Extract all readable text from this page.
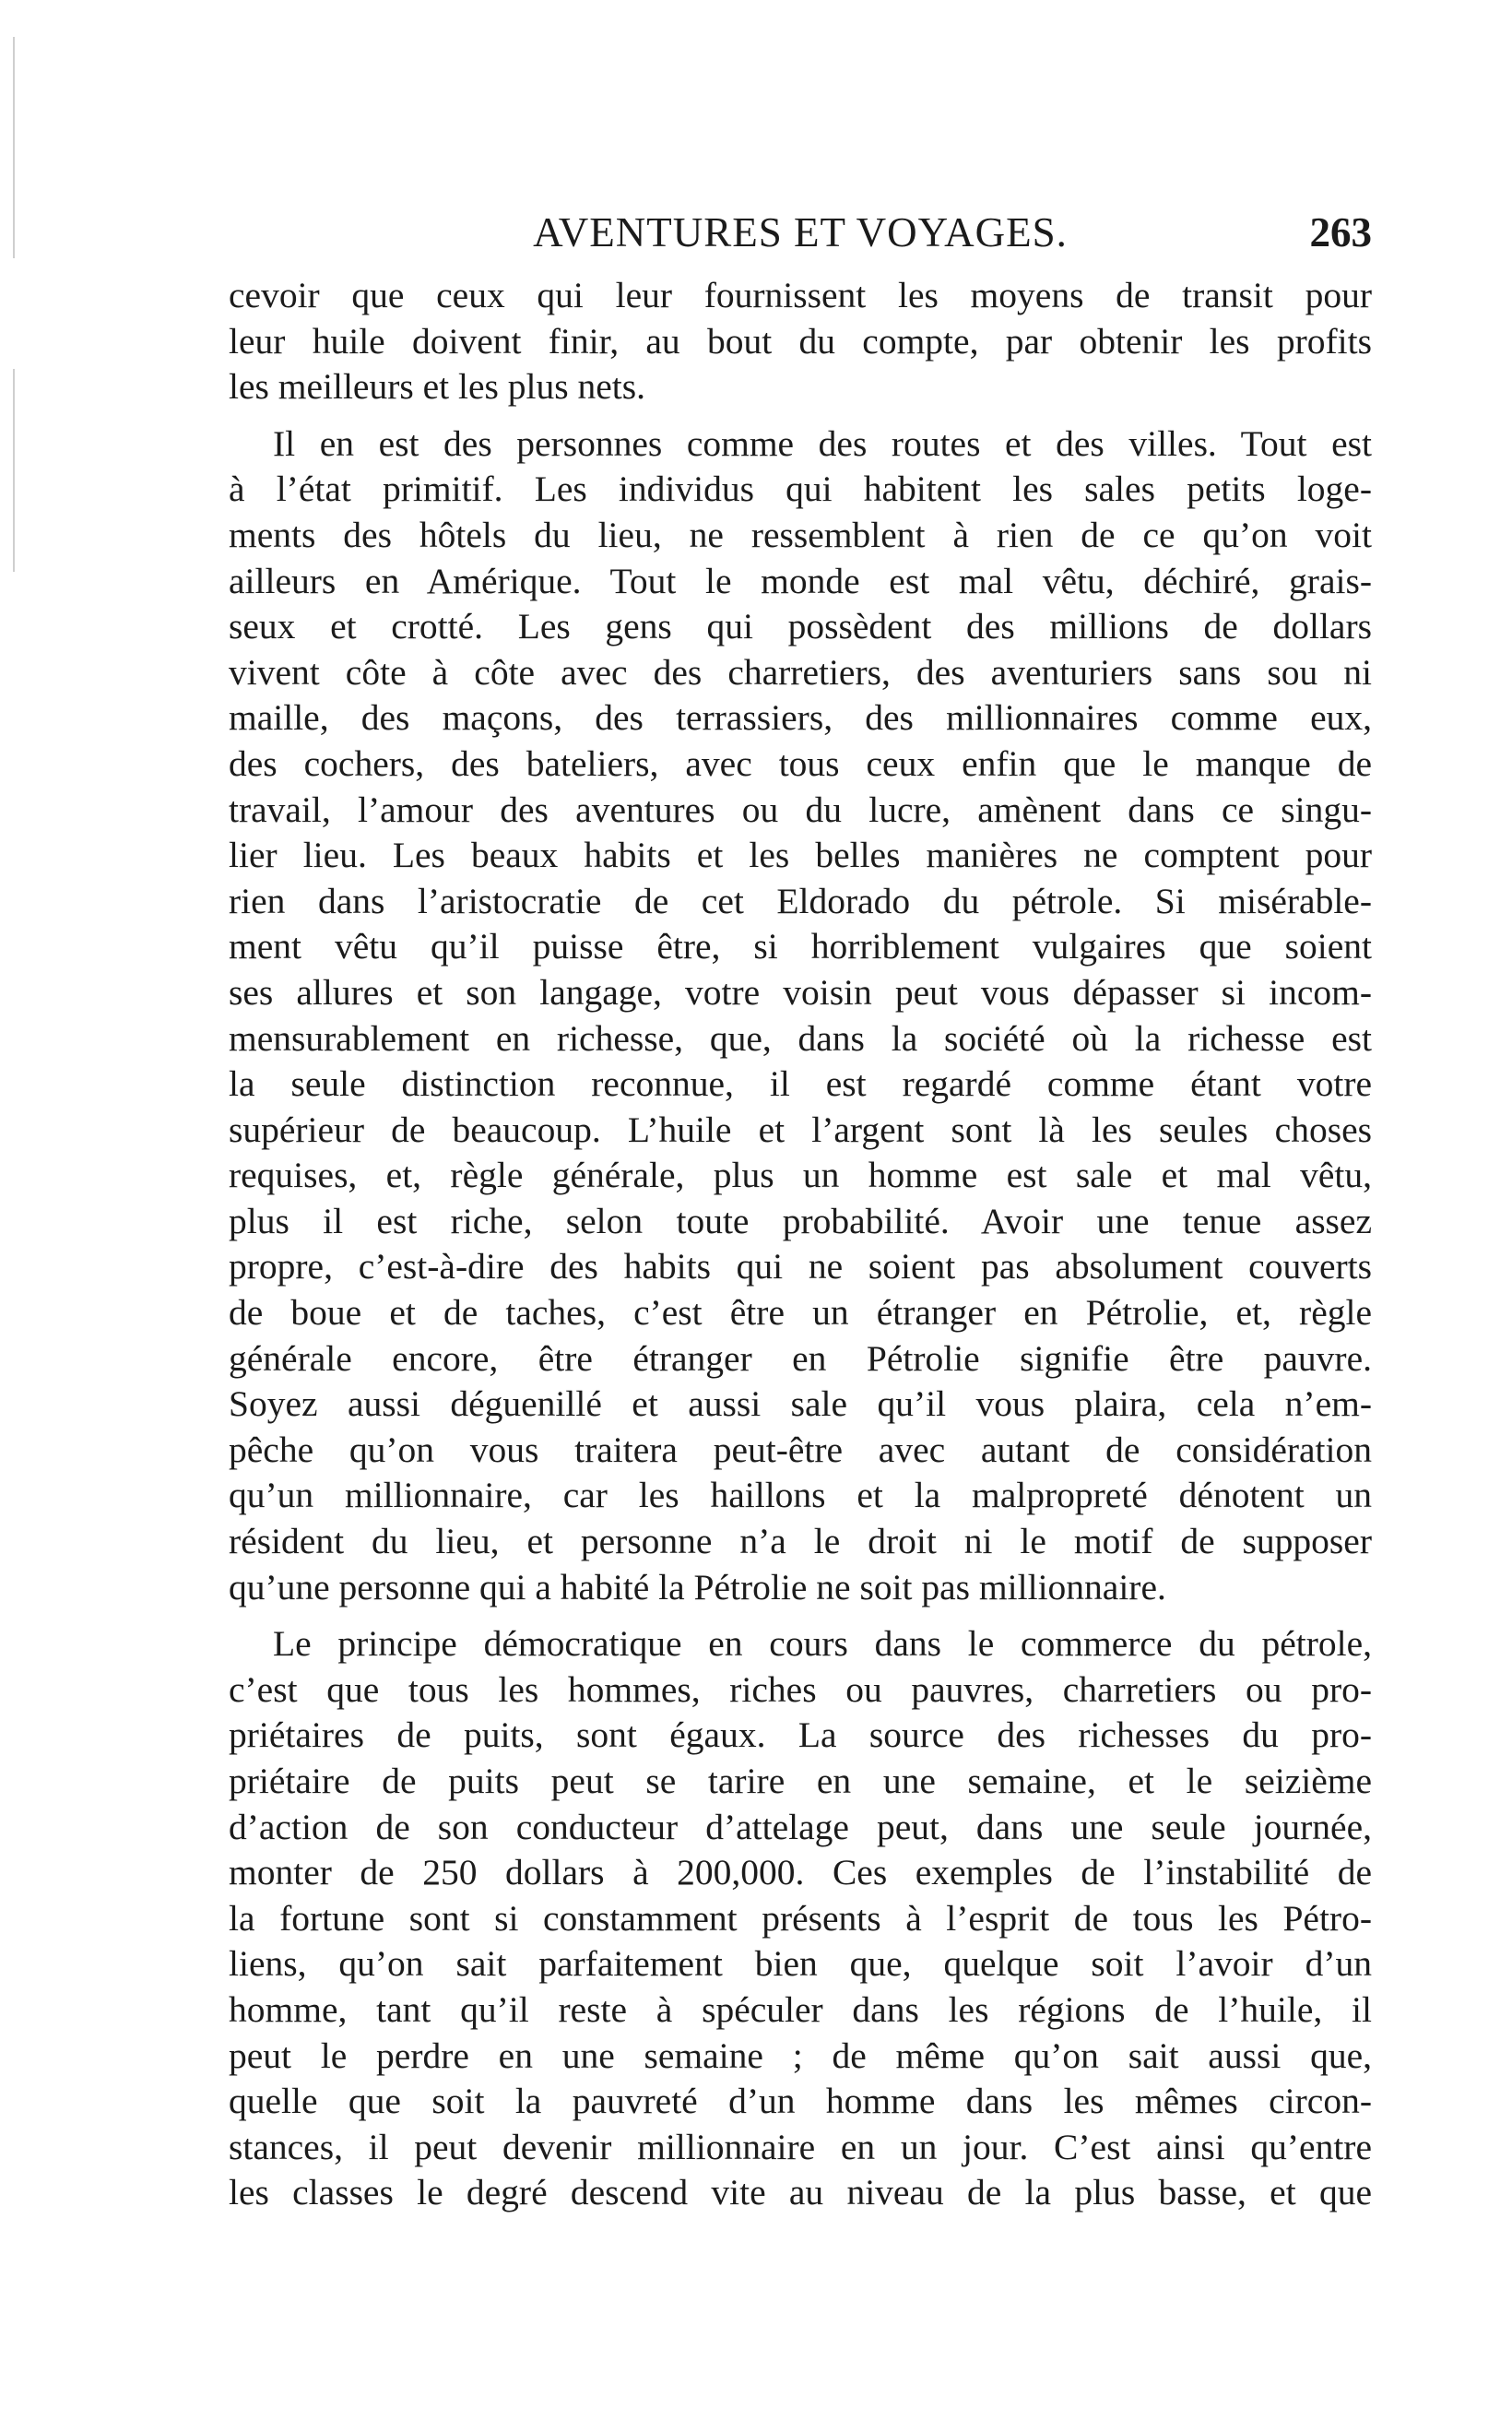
AVENTURES ET VOYAGES.	263
cevoir que ceux qui leur fournissent les moyens de transit pour
leur huile doivent finir, au bout du compte, par obtenir les profits
les meilleurs et les plus nets.
Il en est des personnes comme des routes et des villes. Tout est
à l’état primitif. Les individus qui habitent les sales petits loge-
ments des hôtels du lieu, ne ressemblent à rien de ce qu’on voit
ailleurs en Amérique. Tout le monde est mal vêtu, déchiré, grais-
seux et crotté. Les gens qui possèdent des millions de dollars
vivent côte à côte avec des charretiers, des aventuriers sans sou ni
maille, des maçons, des terrassiers, des millionnaires comme eux,
des cochers, des bateliers, avec tous ceux enfin que le manque de
travail, l’amour des aventures ou du lucre, amènent dans ce singu-
lier lieu. Les beaux habits et les belles manières ne comptent pour
rien dans l’aristocratie de cet Eldorado du pétrole. Si misérable-
ment vêtu qu’il puisse être, si horriblement vulgaires que soient
ses allures et son langage, votre voisin peut vous dépasser si incom-
mensurablement en richesse, que, dans la société où la richesse est
la seule distinction reconnue, il est regardé comme étant votre
supérieur de beaucoup. L’huile et l’argent sont là les seules choses
requises, et, règle générale, plus un homme est sale et mal vêtu,
plus il est riche, selon toute probabilité. Avoir une tenue assez
propre, c’est-à-dire des habits qui ne soient pas absolument couverts
de boue et de taches, c’est être un étranger en Pétrolie, et, règle
générale encore, être étranger en Pétrolie signifie être pauvre.
Soyez aussi déguenillé et aussi sale qu’il vous plaira, cela n’em-
pêche qu’on vous traitera peut-être avec autant de considération
qu’un millionnaire, car les haillons et la malpropreté dénotent un
résident du lieu, et personne n’a le droit ni le motif de supposer
qu’une personne qui a habité la Pétrolie ne soit pas millionnaire.
Le principe démocratique en cours dans le commerce du pétrole,
c’est que tous les hommes, riches ou pauvres, charretiers ou pro-
priétaires de puits, sont égaux. La source des richesses du pro-
priétaire de puits peut se tarire en une semaine, et le seizième
d’action de son conducteur d’attelage peut, dans une seule journée,
monter de 250 dollars à 200,000. Ces exemples de l’instabilité de
la fortune sont si constamment présents à l’esprit de tous les Pétro-
liens, qu’on sait parfaitement bien que, quelque soit l’avoir d’un
homme, tant qu’il reste à spéculer dans les régions de l’huile, il
peut le perdre en une semaine ; de même qu’on sait aussi que,
quelle que soit la pauvreté d’un homme dans les mêmes circon-
stances, il peut devenir millionnaire en un jour. C’est ainsi qu’entre
les classes le degré descend vite au niveau de la plus basse, et que
